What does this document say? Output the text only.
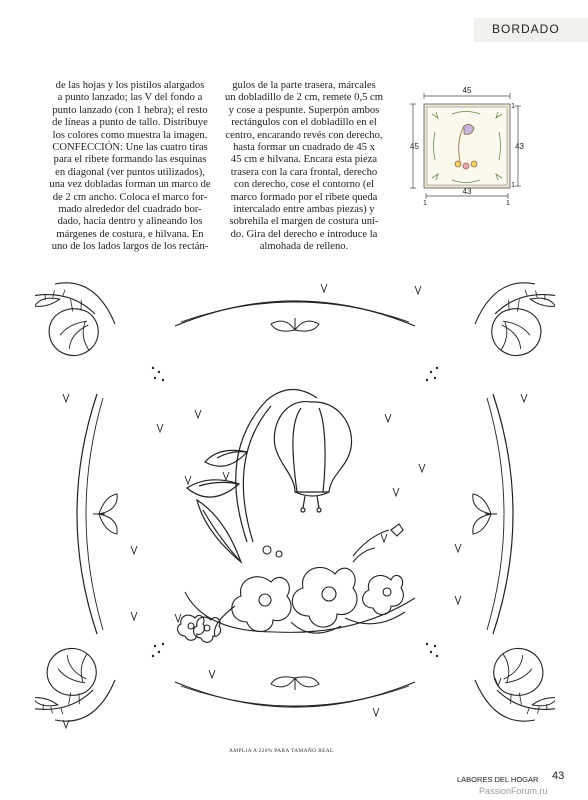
BORDADO

de las hojas y los pistilos alargados

a punto lanzado; las V del fondo a

punto lanzado (con 1 hebra); el resto

de líneas a punto de tallo. Distribuye

los colores como muestra la imagen.

CONFECCIÓN: Une las cuatro tiras

para el ribete formando las esquinas

en diagonal (ver puntos utilizados),

una vez dobladas forman un marco de

de 2 cm ancho. Coloca el marco for-

mado alrededor del cuadrado bor-

dado, hacia dentro y alineando los

márgenes de costura, e hilvana. En

uno de los lados largos de los rectán-

gulos de la parte trasera, márcales

un dobladillo de 2 cm, remete 0,5 cm

y cose a pespunte. Superpón ambos

rectángulos con el dobladillo en el

centro, encarando revés con derecho,

hasta formar un cuadrado de 45 x

45 cm e hilvana. Encara esta pieza

trasera con la cara frontal, derecho

con derecho, cose el contorno (el

marco formado por el ribete queda

intercalado entre ambas piezas) y

sobrehila el margen de costura uni-

do. Gira del derecho e introduce la

almohada de relleno.

45
45	43
43
1
1
1	1
AMPLIA A 220% PARA TAMAÑO REAL
LABORES DEL HOGAR 43
PassionForum.ru
